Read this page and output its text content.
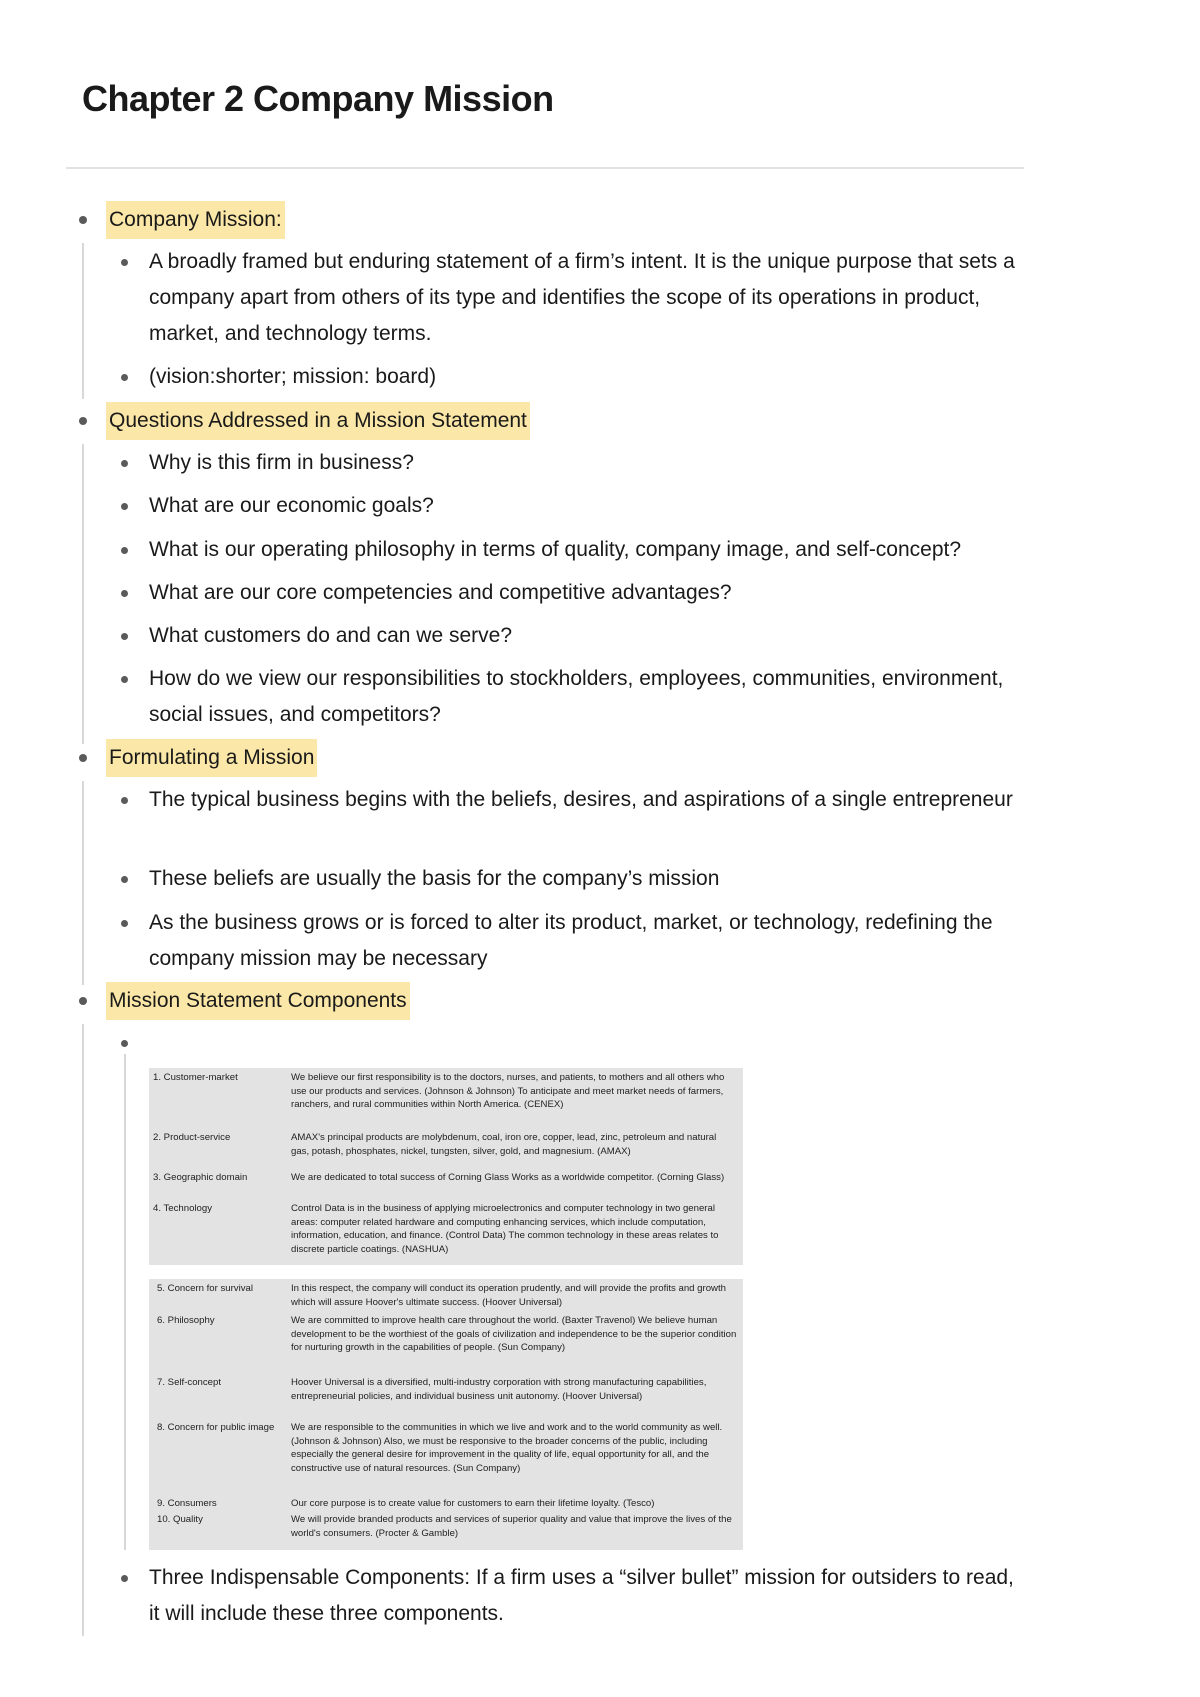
Chapter 2 Company Mission
Company Mission:
A broadly framed but enduring statement of a firm’s intent. It is the unique purpose that sets a company apart from others of its type and identifies the scope of its operations in product, market, and technology terms.
(vision:shorter; mission: board)
Questions Addressed in a Mission Statement
Why is this firm in business?
What are our economic goals?
What is our operating philosophy in terms of quality, company image, and self-concept?
What are our core competencies and competitive advantages?
What customers do and can we serve?
How do we view our responsibilities to stockholders, employees, communities, environment, social issues, and competitors?
Formulating a Mission
The typical business begins with the beliefs, desires, and aspirations of a single entrepreneur
These beliefs are usually the basis for the company’s mission
As the business grows or is forced to alter its product, market, or technology, redefining the company mission may be necessary
Mission Statement Components
1. Customer-market	We believe our first responsibility is to the doctors, nurses, and patients, to mothers and all others who use our products and services. (Johnson & Johnson) To anticipate and meet market needs of farmers, ranchers, and rural communities within North America. (CENEX)
2. Product-service	AMAX's principal products are molybdenum, coal, iron ore, copper, lead, zinc, petroleum and natural gas, potash, phosphates, nickel, tungsten, silver, gold, and magnesium. (AMAX)
3. Geographic domain	We are dedicated to total success of Corning Glass Works as a worldwide competitor. (Corning Glass)
4. Technology	Control Data is in the business of applying microelectronics and computer technology in two general areas: computer related hardware and computing enhancing services, which include computation, information, education, and finance. (Control Data) The common technology in these areas relates to discrete particle coatings. (NASHUA)
5. Concern for survival	In this respect, the company will conduct its operation prudently, and will provide the profits and growth which will assure Hoover's ultimate success. (Hoover Universal)
6. Philosophy	We are committed to improve health care throughout the world. (Baxter Travenol) We believe human development to be the worthiest of the goals of civilization and independence to be the superior condition for nurturing growth in the capabilities of people. (Sun Company)
7. Self-concept	Hoover Universal is a diversified, multi-industry corporation with strong manufacturing capabilities, entrepreneurial policies, and individual business unit autonomy. (Hoover Universal)
8. Concern for public image	We are responsible to the communities in which we live and work and to the world community as well. (Johnson & Johnson) Also, we must be responsive to the broader concerns of the public, including especially the general desire for improvement in the quality of life, equal opportunity for all, and the constructive use of natural resources. (Sun Company)
9. Consumers	Our core purpose is to create value for customers to earn their lifetime loyalty. (Tesco)
10. Quality	We will provide branded products and services of superior quality and value that improve the lives of the world's consumers. (Procter & Gamble)
Three Indispensable Components: If a firm uses a “silver bullet” mission for outsiders to read, it will include these three components.
